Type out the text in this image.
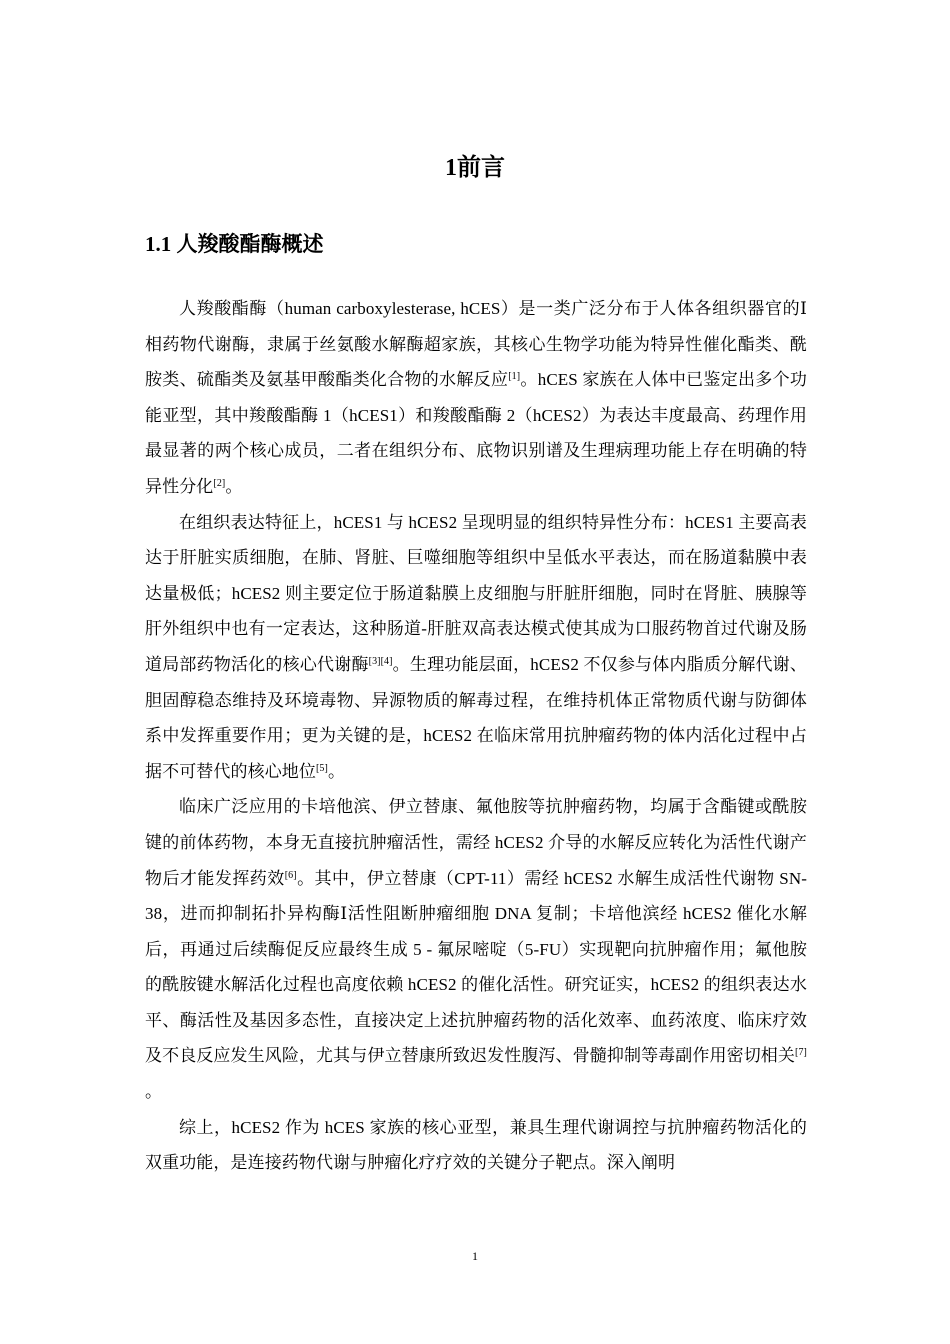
1前言
1.1 人羧酸酯酶概述

人羧酸酯酶（human carboxylesterase, hCES）是一类广泛分布于人体各组织器官的Ⅰ相药物代谢酶，隶属于丝氨酸水解酶超家族，其核心生物学功能为特异性催化酯类、酰胺类、硫酯类及氨基甲酸酯类化合物的水解反应[1]。hCES 家族在人体中已鉴定出多个功能亚型，其中羧酸酯酶 1（hCES1）和羧酸酯酶 2（hCES2）为表达丰度最高、药理作用最显著的两个核心成员，二者在组织分布、底物识别谱及生理病理功能上存在明确的特异性分化[2]。

在组织表达特征上，hCES1 与 hCES2 呈现明显的组织特异性分布：hCES1 主要高表达于肝脏实质细胞，在肺、肾脏、巨噬细胞等组织中呈低水平表达，而在肠道黏膜中表达量极低；hCES2 则主要定位于肠道黏膜上皮细胞与肝脏肝细胞，同时在肾脏、胰腺等肝外组织中也有一定表达，这种肠道-肝脏双高表达模式使其成为口服药物首过代谢及肠道局部药物活化的核心代谢酶[3][4]。生理功能层面，hCES2 不仅参与体内脂质分解代谢、胆固醇稳态维持及环境毒物、异源物质的解毒过程，在维持机体正常物质代谢与防御体系中发挥重要作用；更为关键的是，hCES2 在临床常用抗肿瘤药物的体内活化过程中占据不可替代的核心地位[5]。

临床广泛应用的卡培他滨、伊立替康、氟他胺等抗肿瘤药物，均属于含酯键或酰胺键的前体药物，本身无直接抗肿瘤活性，需经 hCES2 介导的水解反应转化为活性代谢产物后才能发挥药效[6]。其中，伊立替康（CPT-11）需经 hCES2 水解生成活性代谢物 SN-38，进而抑制拓扑异构酶Ⅰ活性阻断肿瘤细胞 DNA 复制；卡培他滨经 hCES2 催化水解后，再通过后续酶促反应最终生成 5 - 氟尿嘧啶（5-FU）实现靶向抗肿瘤作用；氟他胺的酰胺键水解活化过程也高度依赖 hCES2 的催化活性。研究证实，hCES2 的组织表达水平、酶活性及基因多态性，直接决定上述抗肿瘤药物的活化效率、血药浓度、临床疗效及不良反应发生风险，尤其与伊立替康所致迟发性腹泻、骨髓抑制等毒副作用密切相关[7] 。

综上，hCES2 作为 hCES 家族的核心亚型，兼具生理代谢调控与抗肿瘤药物活化的双重功能，是连接药物代谢与肿瘤化疗疗效的关键分子靶点。深入阐明

1
